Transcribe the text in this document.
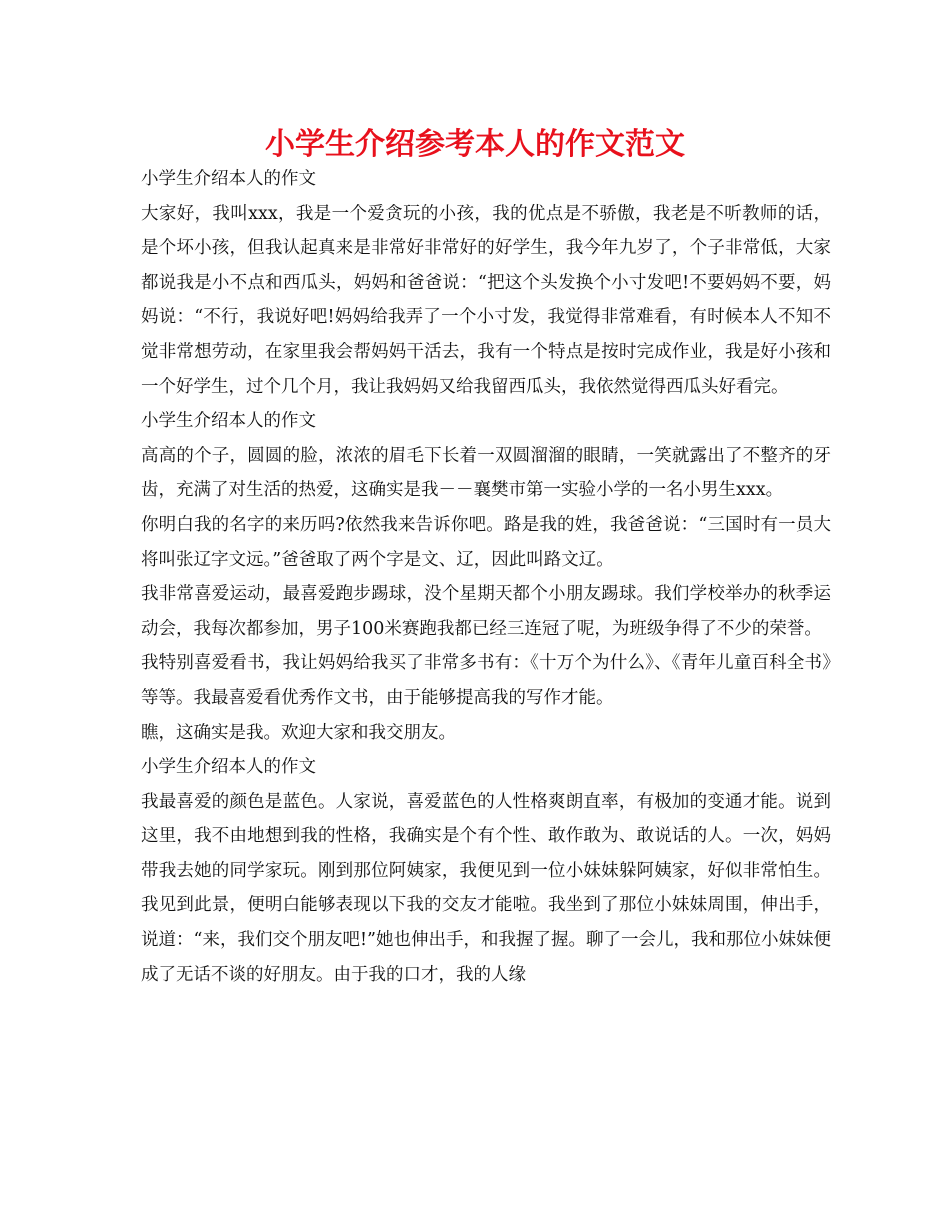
小学生介绍参考本人的作文范文

小学生介绍本人的作文

大家好，我叫xxx，我是一个爱贪玩的小孩，我的优点是不骄傲，我老是不听教师的话，是个坏小孩，但我认起真来是非常好非常好的好学生，我今年九岁了，个子非常低，大家都说我是小不点和西瓜头，妈妈和爸爸说：“把这个头发换个小寸发吧!不要妈妈不要，妈妈说：“不行，我说好吧!妈妈给我弄了一个小寸发，我觉得非常难看，有时候本人不知不觉非常想劳动，在家里我会帮妈妈干活去，我有一个特点是按时完成作业，我是好小孩和一个好学生，过个几个月，我让我妈妈又给我留西瓜头，我依然觉得西瓜头好看完。

小学生介绍本人的作文

高高的个子，圆圆的脸，浓浓的眉毛下长着一双圆溜溜的眼睛，一笑就露出了不整齐的牙齿，充满了对生活的热爱，这确实是我－－襄樊市第一实验小学的一名小男生xxx。

你明白我的名字的来历吗?依然我来告诉你吧。路是我的姓，我爸爸说：“三国时有一员大将叫张辽字文远。”爸爸取了两个字是文、辽，因此叫路文辽。

我非常喜爱运动，最喜爱跑步踢球，没个星期天都个小朋友踢球。我们学校举办的秋季运动会，我每次都参加，男子100米赛跑我都已经三连冠了呢，为班级争得了不少的荣誉。

我特别喜爱看书，我让妈妈给我买了非常多书有：《十万个为什么》、《青年儿童百科全书》等等。我最喜爱看优秀作文书，由于能够提高我的写作才能。

瞧，这确实是我。欢迎大家和我交朋友。

小学生介绍本人的作文

我最喜爱的颜色是蓝色。人家说，喜爱蓝色的人性格爽朗直率，有极加的变通才能。说到这里，我不由地想到我的性格，我确实是个有个性、敢作敢为、敢说话的人。一次，妈妈带我去她的同学家玩。刚到那位阿姨家，我便见到一位小妹妹躲阿姨家，好似非常怕生。我见到此景，便明白能够表现以下我的交友才能啦。我坐到了那位小妹妹周围，伸出手，说道：“来，我们交个朋友吧!”她也伸出手，和我握了握。聊了一会儿，我和那位小妹妹便成了无话不谈的好朋友。由于我的口才，我的人缘
